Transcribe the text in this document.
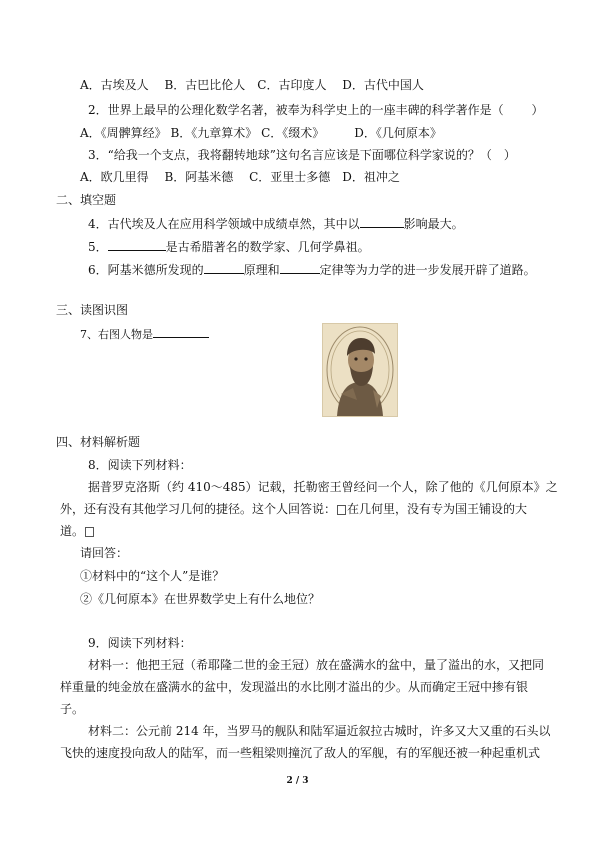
A．古埃及人　 B．古巴比伦人　C．古印度人　 D．古代中国人
2．世界上最早的公理化数学名著，被奉为科学史上的一座丰碑的科学著作是（　　 ）
A．《周髀算经》 B．《九章算术》 C．《缀术》　　　D．《几何原本》
3．“给我一个支点，我将翻转地球”这句名言应该是下面哪位科学家说的？（　）
A．欧几里得　 B．阿基米德　 C．亚里士多德　D．祖冲之
二、填空题
4．古代埃及人在应用科学领域中成绩卓然，其中以	影响最大。
5．	是古希腊著名的数学家、几何学鼻祖。
6．阿基米德所发现的	原理和	定律等为力学的进一步发展开辟了道路。
三、读图识图
7、右图人物是
四、材料解析题
8．阅读下列材料：
据普罗克洛斯（约 410～485）记载，托勒密王曾经问一个人，除了他的《几何原本》之
外，还有没有其他学习几何的捷径。这个人回答说： 在几何里，没有专为国王铺设的大
道。
请回答：
①材料中的“这个人”是谁？
②《几何原本》在世界数学史上有什么地位？
9．阅读下列材料：
材料一：他把王冠（希耶隆二世的金王冠）放在盛满水的盆中，量了溢出的水，又把同
样重量的纯金放在盛满水的盆中，发现溢出的水比刚才溢出的少。从而确定王冠中掺有银
子。
材料二：公元前 214 年，当罗马的舰队和陆军逼近叙拉古城时，许多又大又重的石头以
飞快的速度投向敌人的陆军，而一些粗梁则撞沉了敌人的军舰，有的军舰还被一种起重机式
2 / 3
